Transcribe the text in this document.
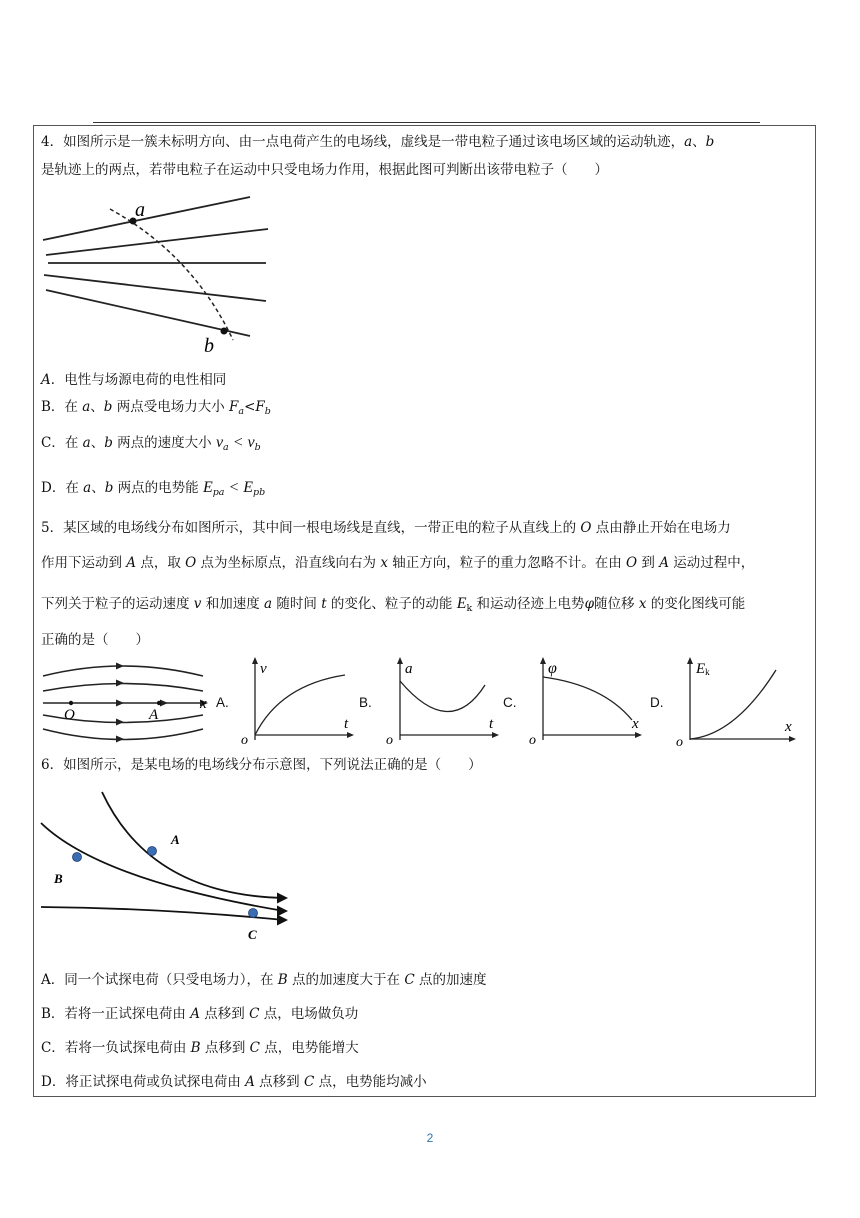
4．如图所示是一簇未标明方向、由一点电荷产生的电场线，虚线是一带电粒子通过该电场区域的运动轨迹，a、b
是轨迹上的两点，若带电粒子在运动中只受电场力作用，根据此图可判断出该带电粒子（　　）
a
b
A．电性与场源电荷的电性相同
B．在 a、b 两点受电场力大小 $F_a<F_b$
C．在 a、b 两点的速度大小 $v_a < v_b$
D．在 a、b 两点的电势能 $E_{pa} < E_{pb}$
5．某区域的电场线分布如图所示，其中间一根电场线是直线，一带正电的粒子从直线上的 O 点由静止开始在电场力
作用下运动到 A 点，取 O 点为坐标原点，沿直线向右为 x 轴正方向，粒子的重力忽略不计。在由 O 到 A 运动过程中，
下列关于粒子的运动速度 v 和加速度 a 随时间 t 的变化、粒子的动能 $E_k$ 和运动径迹上电势φ随位移 x 的变化图线可能
正确的是（　　）
O	A
x A.	B.	C.	D.
v
t
o
a
t
o
φ
x
o
Ek
x
o
6．如图所示，是某电场的电场线分布示意图，下列说法正确的是（　　）
A
B
C
A．同一个试探电荷（只受电场力），在 B 点的加速度大于在 C 点的加速度
B．若将一正试探电荷由 A 点移到 C 点，电场做负功
C．若将一负试探电荷由 B 点移到 C 点，电势能增大
D．将正试探电荷或负试探电荷由 A 点移到 C 点，电势能均减小
2
